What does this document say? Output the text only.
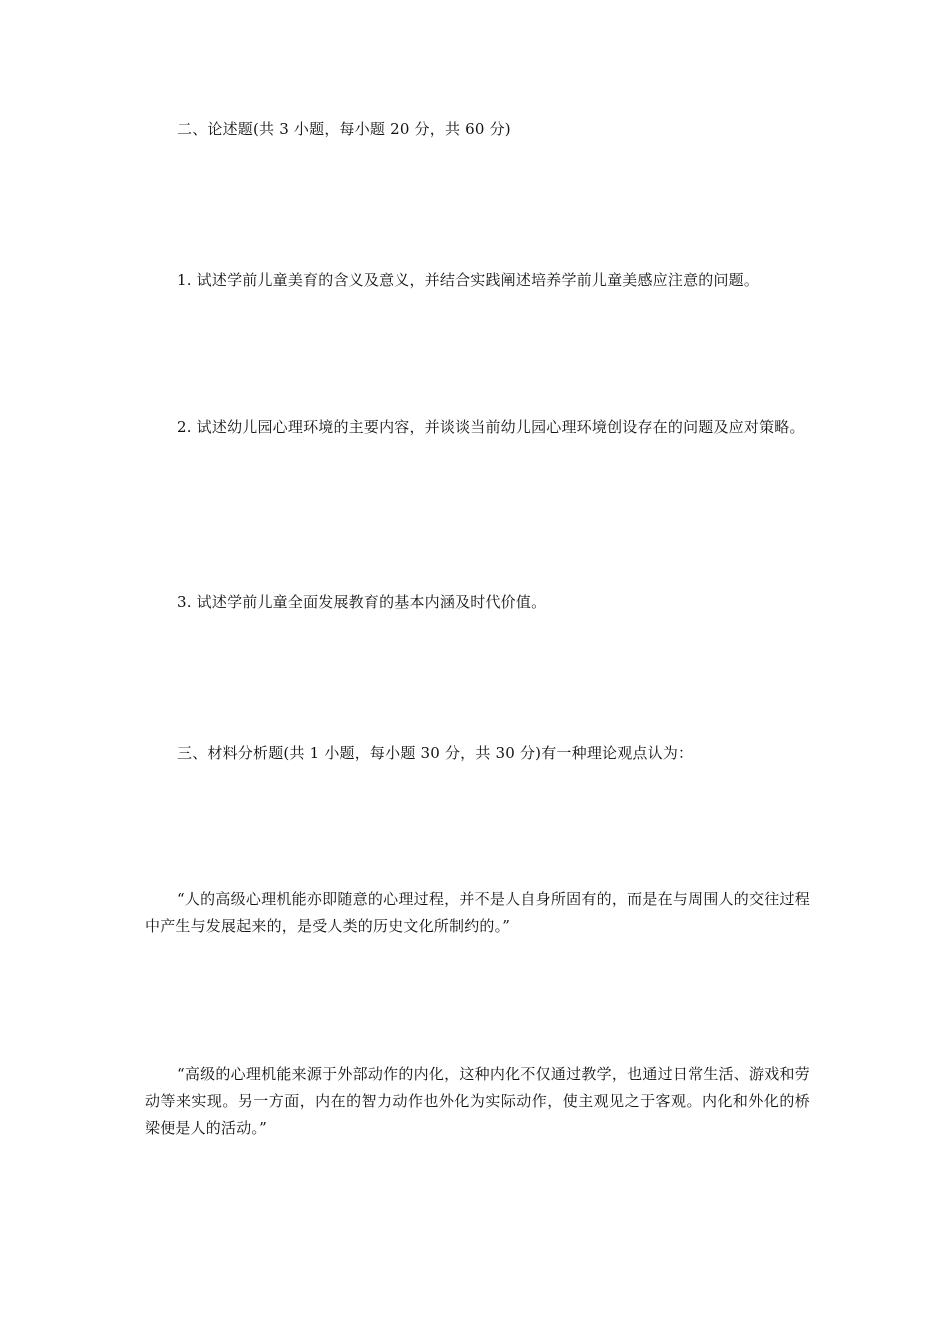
二、论述题(共 3 小题，每小题 20 分，共 60 分)

1. 试述学前儿童美育的含义及意义，并结合实践阐述培养学前儿童美感应注意的问题。

2. 试述幼儿园心理环境的主要内容，并谈谈当前幼儿园心理环境创设存在的问题及应对策略。

3. 试述学前儿童全面发展教育的基本内涵及时代价值。

三、材料分析题(共 1 小题，每小题 30 分，共 30 分)有一种理论观点认为：

“人的高级心理机能亦即随意的心理过程，并不是人自身所固有的，而是在与周围人的交往过程中产生与发展起来的，是受人类的历史文化所制约的。”

“高级的心理机能来源于外部动作的内化，这种内化不仅通过教学，也通过日常生活、游戏和劳动等来实现。另一方面，内在的智力动作也外化为实际动作，使主观见之于客观。内化和外化的桥梁便是人的活动。”
